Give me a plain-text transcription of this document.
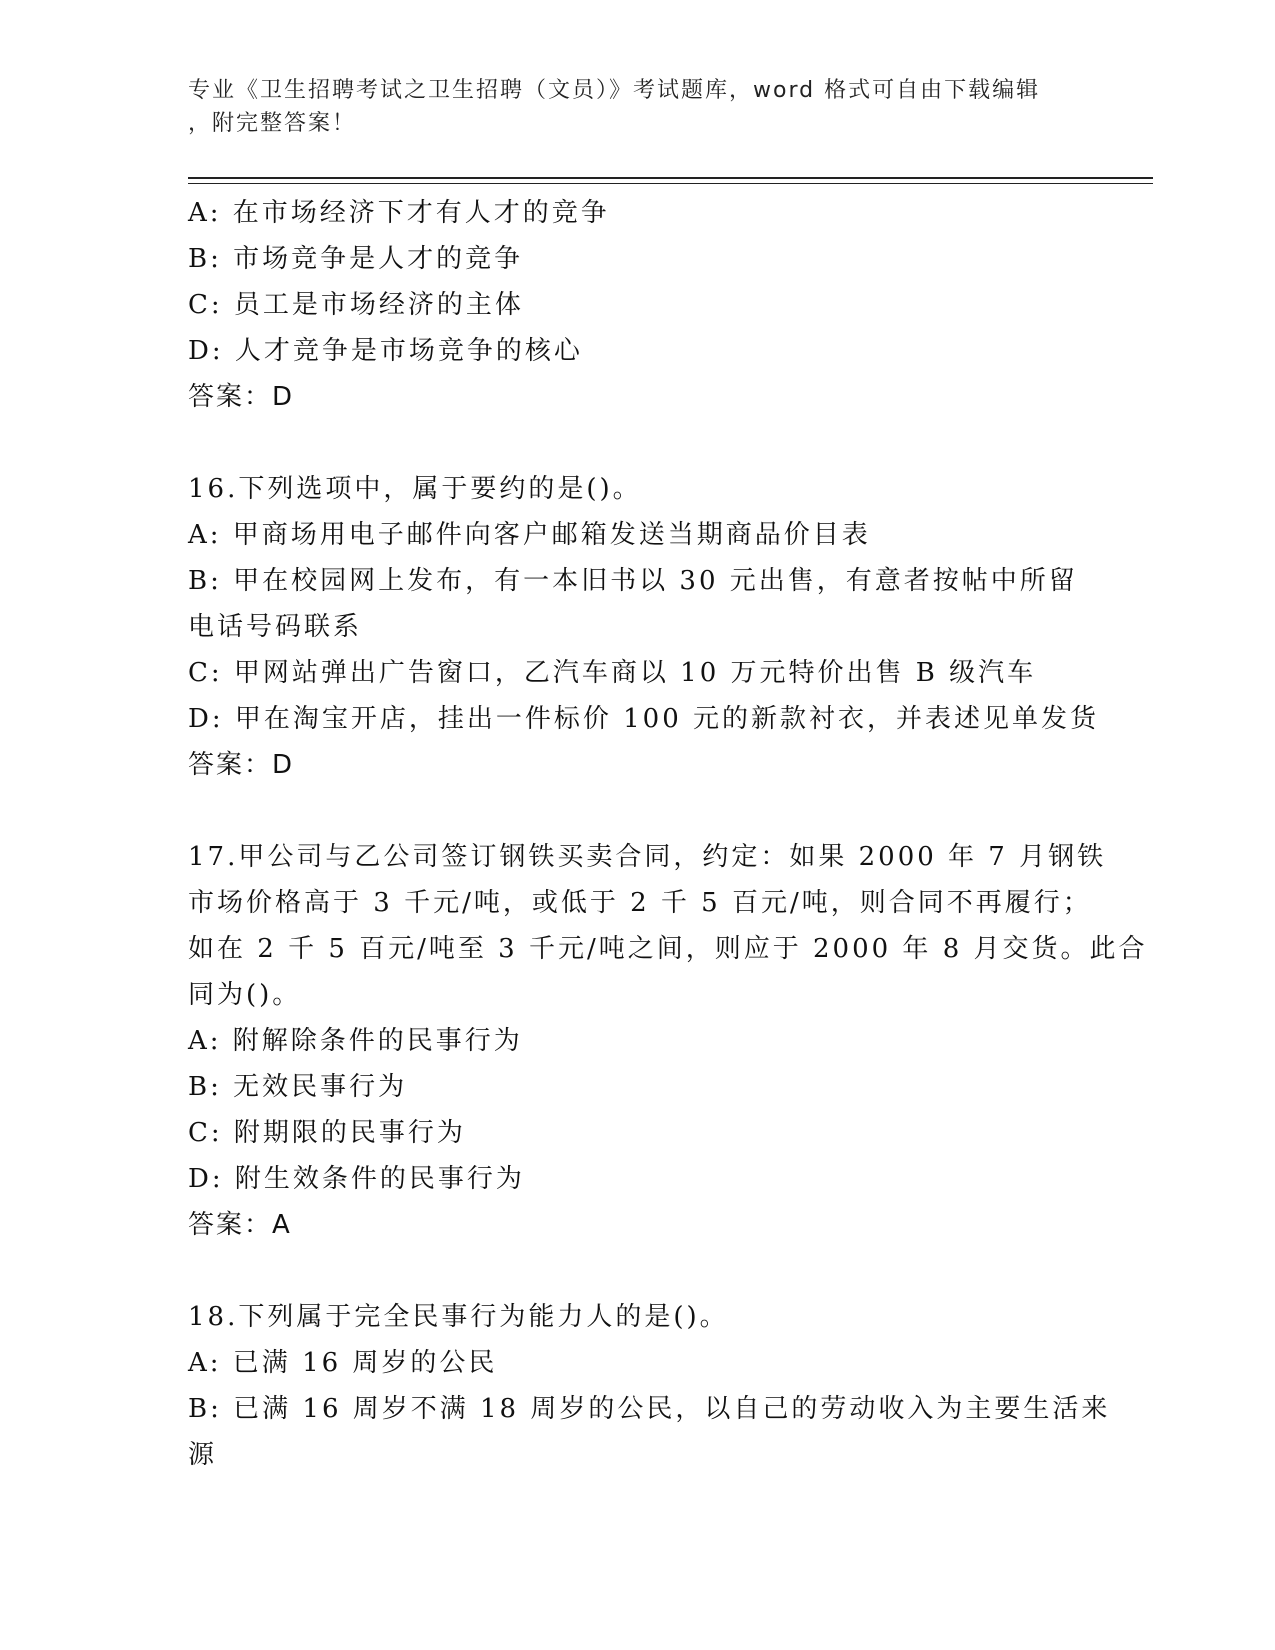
专业《卫生招聘考试之卫生招聘（文员）》考试题库，word 格式可自由下载编辑
，附完整答案！
A: 在市场经济下才有人才的竞争
B: 市场竞争是人才的竞争
C: 员工是市场经济的主体
D: 人才竞争是市场竞争的核心
答案：D
16.下列选项中，属于要约的是()。
A: 甲商场用电子邮件向客户邮箱发送当期商品价目表
B: 甲在校园网上发布，有一本旧书以 30 元出售，有意者按帖中所留
电话号码联系
C: 甲网站弹出广告窗口，乙汽车商以 10 万元特价出售 B 级汽车
D: 甲在淘宝开店，挂出一件标价 100 元的新款衬衣，并表述见单发货
答案：D
17.甲公司与乙公司签订钢铁买卖合同，约定：如果 2000 年 7 月钢铁
市场价格高于 3 千元/吨，或低于 2 千 5 百元/吨，则合同不再履行；
如在 2 千 5 百元/吨至 3 千元/吨之间，则应于 2000 年 8 月交货。此合
同为()。
A: 附解除条件的民事行为
B: 无效民事行为
C: 附期限的民事行为
D: 附生效条件的民事行为
答案：A
18.下列属于完全民事行为能力人的是()。
A: 已满 16 周岁的公民
B: 已满 16 周岁不满 18 周岁的公民，以自己的劳动收入为主要生活来
源
